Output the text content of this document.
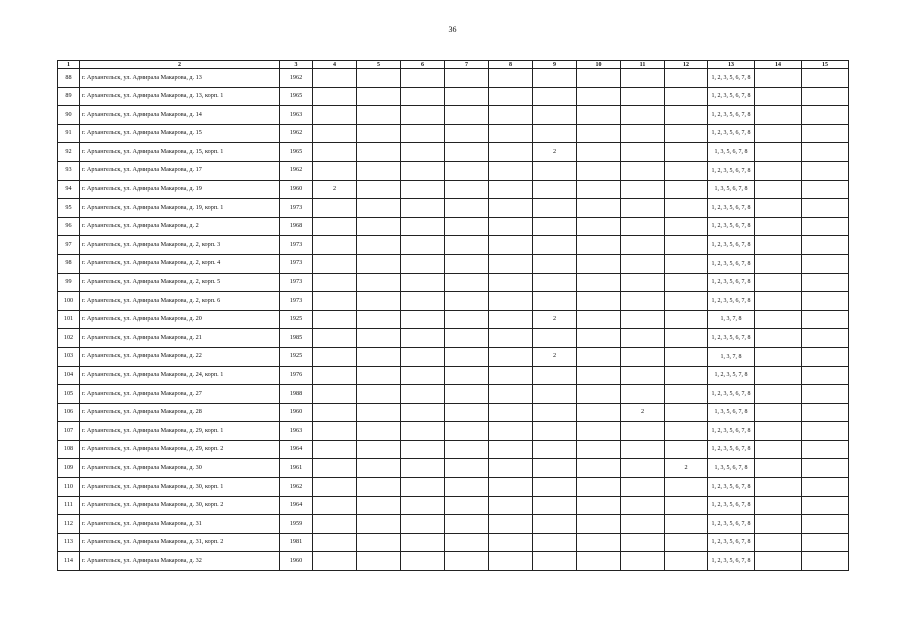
36
1	2	3	4	5	6	7	8	9	10	11	12	13	14	15
88	г. Архангельск, ул. Адмирала Макарова, д. 13	1962										1, 2, 3, 5, 6, 7, 8		
89	г. Архангельск, ул. Адмирала Макарова, д. 13, корп. 1	1965										1, 2, 3, 5, 6, 7, 8		
90	г. Архангельск, ул. Адмирала Макарова, д. 14	1963										1, 2, 3, 5, 6, 7, 8		
91	г. Архангельск, ул. Адмирала Макарова, д. 15	1962										1, 2, 3, 5, 6, 7, 8		
92	г. Архангельск, ул. Адмирала Макарова, д. 15, корп. 1	1965						2				1, 3, 5, 6, 7, 8		
93	г. Архангельск, ул. Адмирала Макарова, д. 17	1962										1, 2, 3, 5, 6, 7, 8		
94	г. Архангельск, ул. Адмирала Макарова, д. 19	1960	2									1, 3, 5, 6, 7, 8		
95	г. Архангельск, ул. Адмирала Макарова, д. 19, корп. 1	1973										1, 2, 3, 5, 6, 7, 8		
96	г. Архангельск, ул. Адмирала Макарова, д. 2	1968										1, 2, 3, 5, 6, 7, 8		
97	г. Архангельск, ул. Адмирала Макарова, д. 2, корп. 3	1973										1, 2, 3, 5, 6, 7, 8		
98	г. Архангельск, ул. Адмирала Макарова, д. 2, корп. 4	1973										1, 2, 3, 5, 6, 7, 8		
99	г. Архангельск, ул. Адмирала Макарова, д. 2, корп. 5	1973										1, 2, 3, 5, 6, 7, 8		
100	г. Архангельск, ул. Адмирала Макарова, д. 2, корп. 6	1973										1, 2, 3, 5, 6, 7, 8		
101	г. Архангельск, ул. Адмирала Макарова, д. 20	1925						2				1, 3, 7, 8		
102	г. Архангельск, ул. Адмирала Макарова, д. 21	1985										1, 2, 3, 5, 6, 7, 8		
103	г. Архангельск, ул. Адмирала Макарова, д. 22	1925						2				1, 3, 7, 8		
104	г. Архангельск, ул. Адмирала Макарова, д. 24, корп. 1	1976										1, 2, 3, 5, 7, 8		
105	г. Архангельск, ул. Адмирала Макарова, д. 27	1988										1, 2, 3, 5, 6, 7, 8		
106	г. Архангельск, ул. Адмирала Макарова, д. 28	1960								2		1, 3, 5, 6, 7, 8		
107	г. Архангельск, ул. Адмирала Макарова, д. 29, корп. 1	1963										1, 2, 3, 5, 6, 7, 8		
108	г. Архангельск, ул. Адмирала Макарова, д. 29, корп. 2	1964										1, 2, 3, 5, 6, 7, 8		
109	г. Архангельск, ул. Адмирала Макарова, д. 30	1961									2	1, 3, 5, 6, 7, 8		
110	г. Архангельск, ул. Адмирала Макарова, д. 30, корп. 1	1962										1, 2, 3, 5, 6, 7, 8		
111	г. Архангельск, ул. Адмирала Макарова, д. 30, корп. 2	1964										1, 2, 3, 5, 6, 7, 8		
112	г. Архангельск, ул. Адмирала Макарова, д. 31	1959										1, 2, 3, 5, 6, 7, 8		
113	г. Архангельск, ул. Адмирала Макарова, д. 31, корп. 2	1981										1, 2, 3, 5, 6, 7, 8		
114	г. Архангельск, ул. Адмирала Макарова, д. 32	1960										1, 2, 3, 5, 6, 7, 8		
